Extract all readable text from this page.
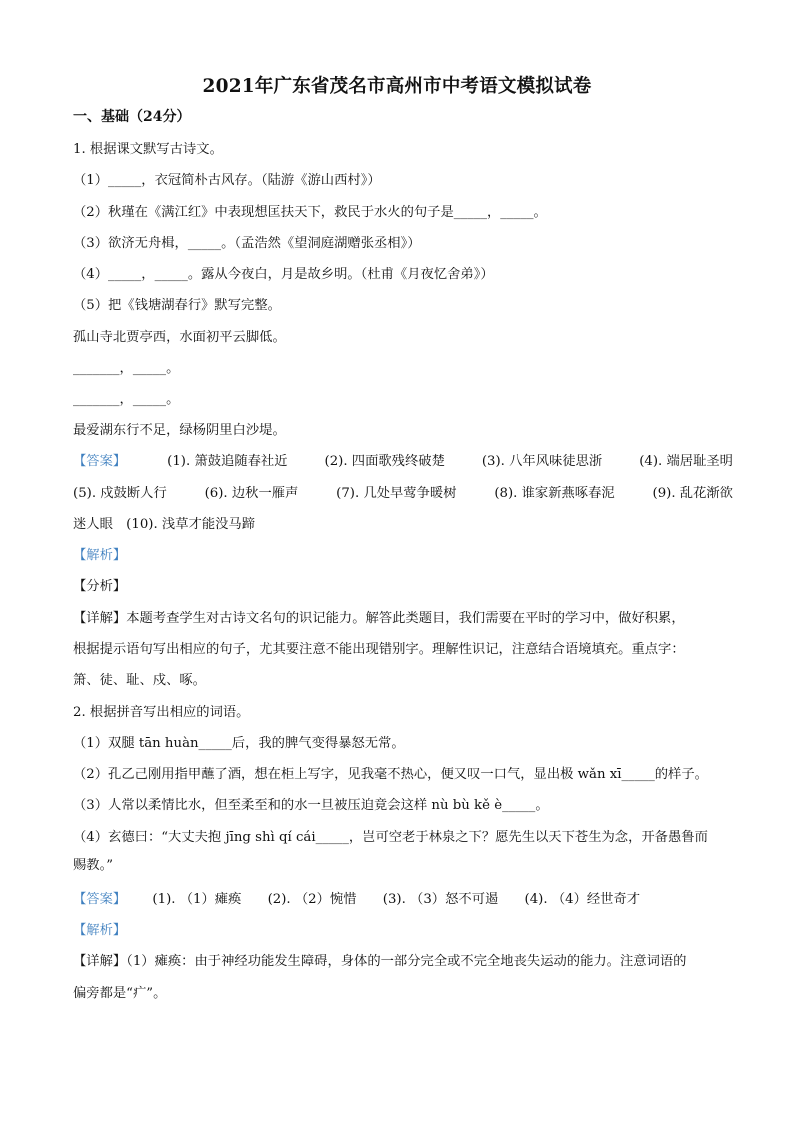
2021年广东省茂名市高州市中考语文模拟试卷
一、基础（24分）
1. 根据课文默写古诗文。
（1）_____，衣冠简朴古风存。（陆游《游山西村》）
（2）秋瑾在《满江红》中表现想匡扶天下，救民于水火的句子是_____，_____。
（3）欲济无舟楫，_____。（孟浩然《望洞庭湖赠张丞相》）
（4）_____，_____。露从今夜白，月是故乡明。（杜甫《月夜忆舍弟》）
（5）把《钱塘湖春行》默写完整。
孤山寺北贾亭西，水面初平云脚低。
_______，_____。
_______，_____。
最爱湖东行不足，绿杨阴里白沙堤。
【答案】	(1). 箫鼓追随春社近	(2). 四面歌残终破楚	(3). 八年风味徒思浙	(4). 端居耻圣明
(5). 戍鼓断人行	(6). 边秋一雁声	(7). 几处早莺争暖树	(8). 谁家新燕啄春泥	(9). 乱花渐欲
迷人眼　(10). 浅草才能没马蹄
【解析】
【分析】
【详解】本题考查学生对古诗文名句的识记能力。解答此类题目，我们需要在平时的学习中，做好积累，
根据提示语句写出相应的句子，尤其要注意不能出现错别字。理解性识记，注意结合语境填充。重点字：
箫、徒、耻、戍、啄。
2. 根据拼音写出相应的词语。
（1）双腿 tān huàn_____后，我的脾气变得暴怒无常。
（2）孔乙己刚用指甲蘸了酒，想在柜上写字，见我毫不热心，便又叹一口气，显出极 wǎn xī_____的样子。
（3）人常以柔情比水，但至柔至和的水一旦被压迫竟会这样 nù bù kě è_____。
（4）玄德曰：“大丈夫抱 jīng shì qí cái_____，岂可空老于林泉之下？愿先生以天下苍生为念，开备愚鲁而
赐教。”
【答案】 (1). （1）瘫痪 (2). （2）惋惜 (3). （3）怒不可遏 (4). （4）经世奇才
【解析】
【详解】（1）瘫痪：由于神经功能发生障碍，身体的一部分完全或不完全地丧失运动的能力。注意词语的
偏旁都是“疒”。
